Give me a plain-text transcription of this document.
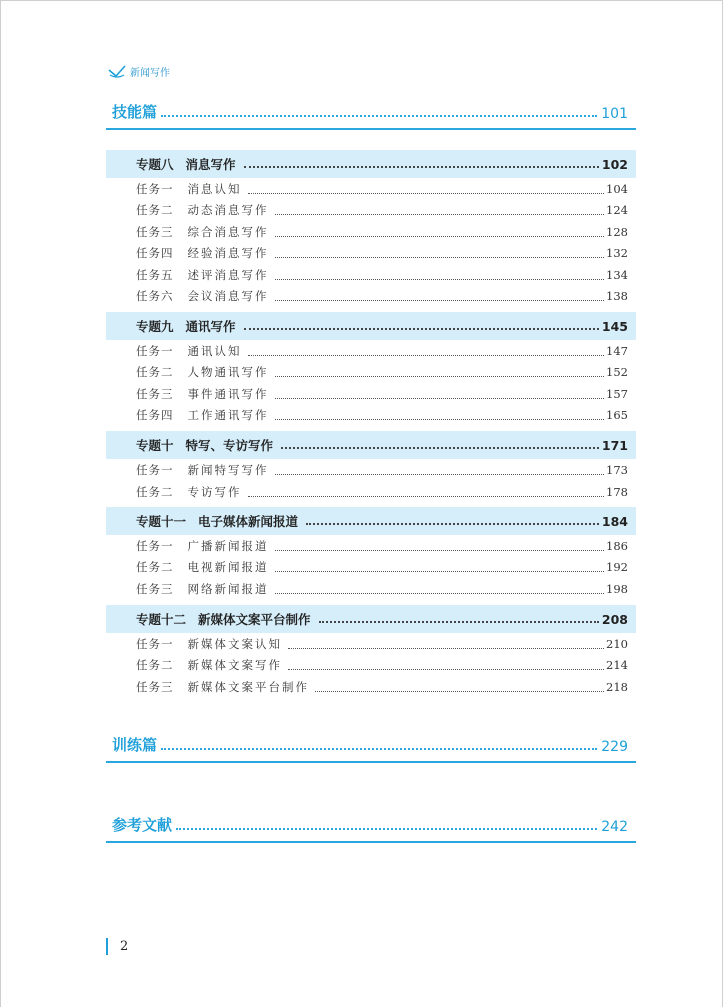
新闻写作
技能篇	101
专题八 消息写作	102
任务一 消息认知	104
任务二 动态消息写作	124
任务三 综合消息写作	128
任务四 经验消息写作	132
任务五 述评消息写作	134
任务六 会议消息写作	138
专题九 通讯写作	145
任务一 通讯认知	147
任务二 人物通讯写作	152
任务三 事件通讯写作	157
任务四 工作通讯写作	165
专题十 特写、专访写作	171
任务一 新闻特写写作	173
任务二 专访写作	178
专题十一 电子媒体新闻报道	184
任务一 广播新闻报道	186
任务二 电视新闻报道	192
任务三 网络新闻报道	198
专题十二 新媒体文案平台制作	208
任务一 新媒体文案认知	210
任务二 新媒体文案写作	214
任务三 新媒体文案平台制作	218
训练篇	229
参考文献	242
2
